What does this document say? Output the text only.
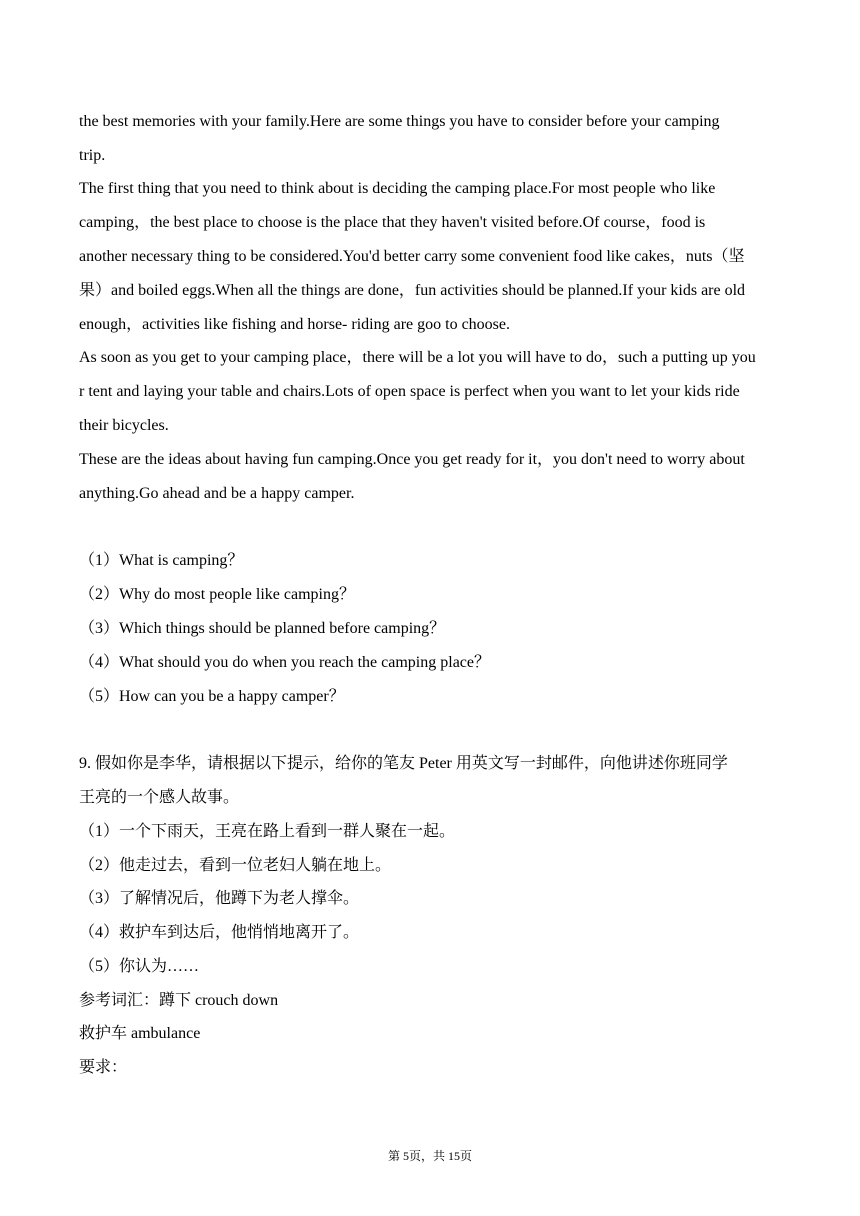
the best memories with your family.Here are some things you have to consider before your camping
trip.
The first thing that you need to think about is deciding the camping place.For most people who like
camping，the best place to choose is the place that they haven't visited before.Of course，food is
another necessary thing to be considered.You'd better carry some convenient food like cakes，nuts（坚
果）and boiled eggs.When all the things are done，fun activities should be planned.If your kids are old
enough，activities like fishing and horse- riding are goo to choose.
As soon as you get to your camping place，there will be a lot you will have to do，such a putting up you
r tent and laying your table and chairs.Lots of open space is perfect when you want to let your kids ride
their bicycles.
These are the ideas about having fun camping.Once you get ready for it，you don't need to worry about
anything.Go ahead and be a happy camper.
（1）What is camping？
（2）Why do most people like camping？
（3）Which things should be planned before camping？
（4）What should you do when you reach the camping place？
（5）How can you be a happy camper？
9. 假如你是李华，请根据以下提示，给你的笔友 Peter 用英文写一封邮件，向他讲述你班同学
王亮的一个感人故事。
（1）一个下雨天，王亮在路上看到一群人聚在一起。
（2）他走过去，看到一位老妇人躺在地上。
（3）了解情况后，他蹲下为老人撑伞。
（4）救护车到达后，他悄悄地离开了。
（5）你认为……
参考词汇：蹲下 crouch down
救护车 ambulance
要求：
第 5页，共 15页
